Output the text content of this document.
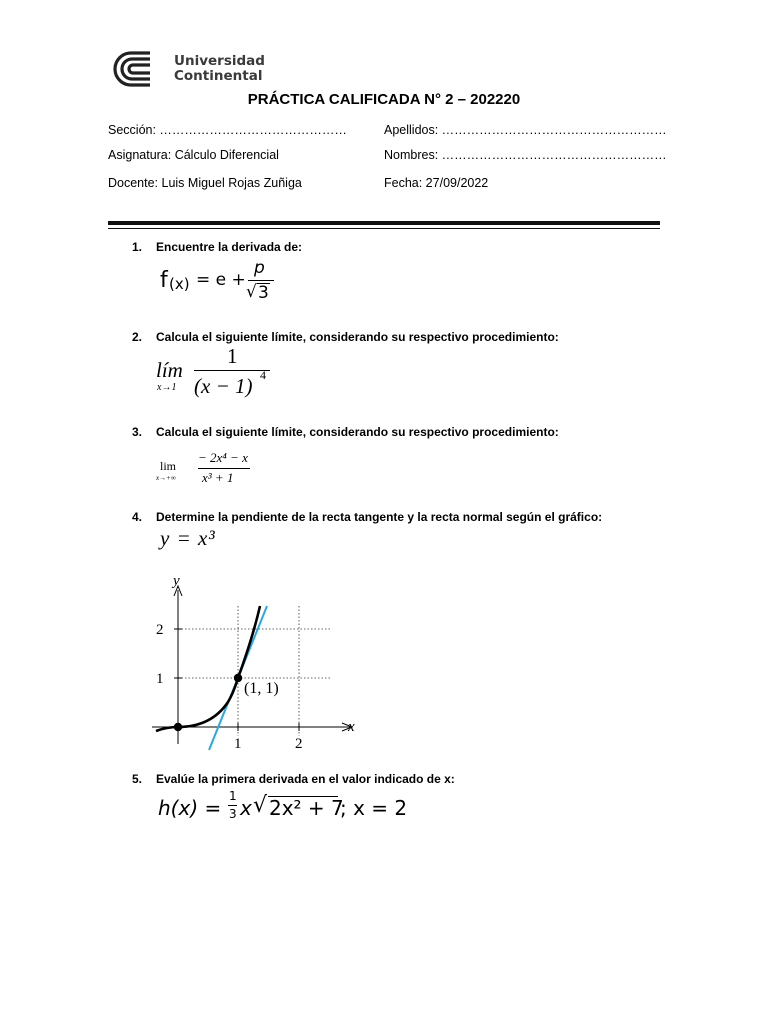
Universidad
Continental
PRÁCTICA CALIFICADA N° 2 – 202220
Sección: ………………………………………	Apellidos: ………………………………………………
Asignatura: Cálculo Diferencial	Nombres: ………………………………………………
Docente: Luis Miguel Rojas Zuñiga	Fecha: 27/09/2022
1. Encuentre la derivada de:
f (x) = e +
p
√ 3
2. Calcula el siguiente límite, considerando su respectivo procedimiento:
lím
x→1
1
(x − 1) 4
3. Calcula el siguiente límite, considerando su respectivo procedimiento:
lim
x→+∞
− 2x⁴ − x
x³ + 1
4. Determine la pendiente de la recta tangente y la recta normal según el gráfico:
y = x³
y
x
2
1
1	2
(1, 1)
5. Evalúe la primera derivada en el valor indicado de x:
h(x) = 1
3 x √ 2x² + 7
; x = 2
